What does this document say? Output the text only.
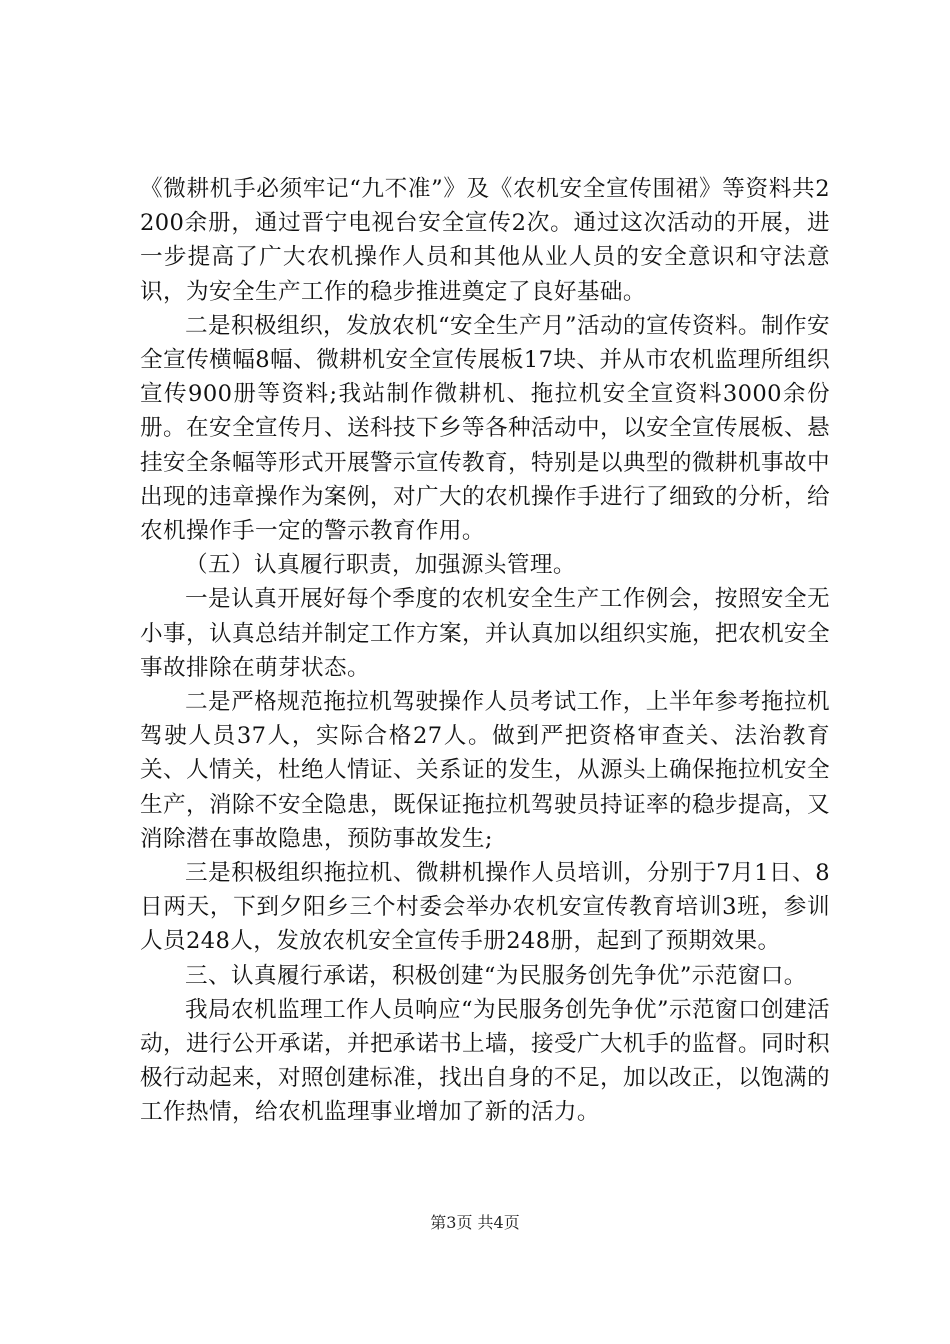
《微耕机手必须牢记“九不准”》及《农机安全宣传围裙》等资料共2200余册，通过晋宁电视台安全宣传2次。通过这次活动的开展，进一步提高了广大农机操作人员和其他从业人员的安全意识和守法意识，为安全生产工作的稳步推进奠定了良好基础。

二是积极组织，发放农机“安全生产月”活动的宣传资料。制作安全宣传横幅8幅、微耕机安全宣传展板17块、并从市农机监理所组织宣传900册等资料;我站制作微耕机、拖拉机安全宣资料3000余份册。在安全宣传月、送科技下乡等各种活动中，以安全宣传展板、悬挂安全条幅等形式开展警示宣传教育，特别是以典型的微耕机事故中出现的违章操作为案例，对广大的农机操作手进行了细致的分析，给农机操作手一定的警示教育作用。

（五）认真履行职责，加强源头管理。

一是认真开展好每个季度的农机安全生产工作例会，按照安全无小事，认真总结并制定工作方案，并认真加以组织实施，把农机安全事故排除在萌芽状态。

二是严格规范拖拉机驾驶操作人员考试工作，上半年参考拖拉机驾驶人员37人，实际合格27人。做到严把资格审查关、法治教育关、人情关，杜绝人情证、关系证的发生，从源头上确保拖拉机安全生产，消除不安全隐患，既保证拖拉机驾驶员持证率的稳步提高，又消除潜在事故隐患，预防事故发生;

三是积极组织拖拉机、微耕机操作人员培训，分别于7月1日、8日两天，下到夕阳乡三个村委会举办农机安宣传教育培训3班，参训人员248人，发放农机安全宣传手册248册，起到了预期效果。

三、认真履行承诺，积极创建“为民服务创先争优”示范窗口。

我局农机监理工作人员响应“为民服务创先争优”示范窗口创建活动，进行公开承诺，并把承诺书上墙，接受广大机手的监督。同时积极行动起来，对照创建标准，找出自身的不足，加以改正，以饱满的工作热情，给农机监理事业增加了新的活力。

第3页 共4页
